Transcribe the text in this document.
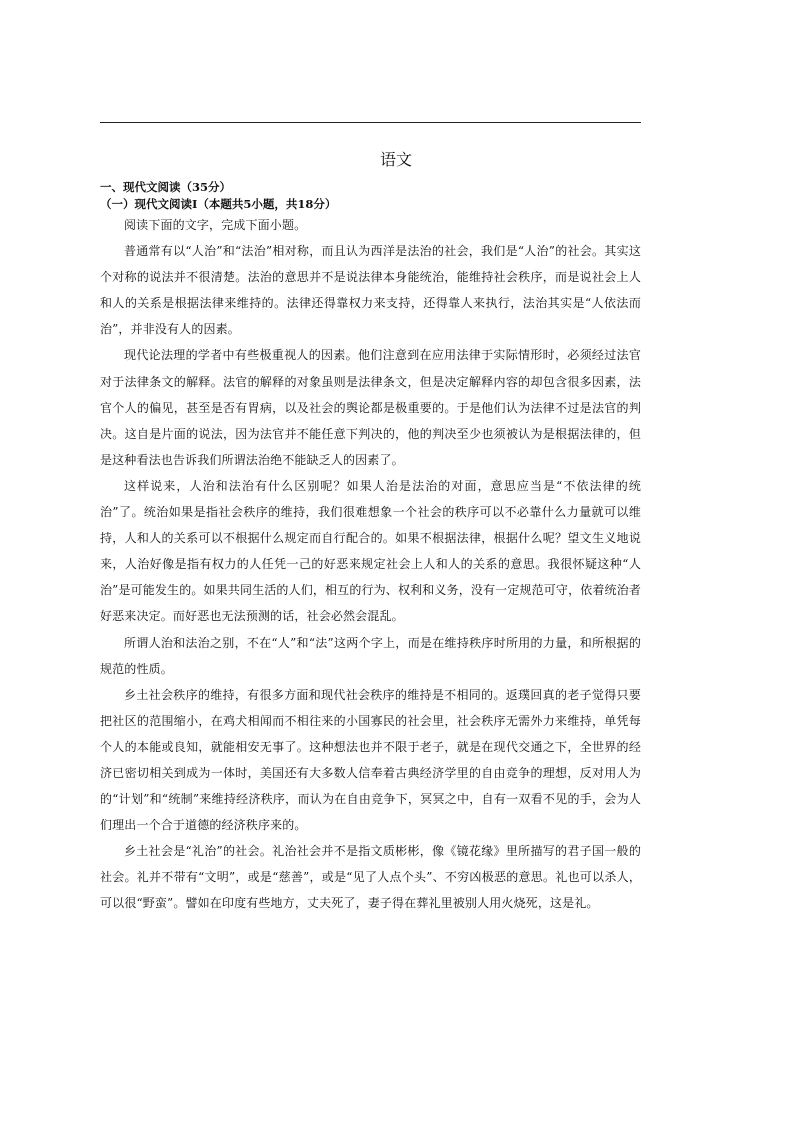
语文
一、现代文阅读（35分）
（一）现代文阅读Ⅰ（本题共5小题，共18分）

阅读下面的文字，完成下面小题。

普通常有以“人治”和“法治”相对称，而且认为西洋是法治的社会，我们是“人治”的社会。其实这个对称的说法并不很清楚。法治的意思并不是说法律本身能统治，能维持社会秩序，而是说社会上人和人的关系是根据法律来维持的。法律还得靠权力来支持，还得靠人来执行，法治其实是“人依法而治”，并非没有人的因素。

现代论法理的学者中有些极重视人的因素。他们注意到在应用法律于实际情形时，必须经过法官对于法律条文的解释。法官的解释的对象虽则是法律条文，但是决定解释内容的却包含很多因素，法官个人的偏见，甚至是否有胃病，以及社会的舆论都是极重要的。于是他们认为法律不过是法官的判决。这自是片面的说法，因为法官并不能任意下判决的，他的判决至少也须被认为是根据法律的，但是这种看法也告诉我们所谓法治绝不能缺乏人的因素了。

这样说来，人治和法治有什么区别呢？如果人治是法治的对面，意思应当是“不依法律的统治”了。统治如果是指社会秩序的维持，我们很难想象一个社会的秩序可以不必靠什么力量就可以维持，人和人的关系可以不根据什么规定而自行配合的。如果不根据法律，根据什么呢？望文生义地说来，人治好像是指有权力的人任凭一己的好恶来规定社会上人和人的关系的意思。我很怀疑这种“人治”是可能发生的。如果共同生活的人们，相互的行为、权利和义务，没有一定规范可守，依着统治者好恶来决定。而好恶也无法预测的话，社会必然会混乱。

所谓人治和法治之别，不在“人”和“法”这两个字上，而是在维持秩序时所用的力量，和所根据的规范的性质。

乡土社会秩序的维持，有很多方面和现代社会秩序的维持是不相同的。返璞回真的老子觉得只要把社区的范围缩小，在鸡犬相闻而不相往来的小国寡民的社会里，社会秩序无需外力来维持，单凭每个人的本能或良知，就能相安无事了。这种想法也并不限于老子，就是在现代交通之下，全世界的经济已密切相关到成为一体时，美国还有大多数人信奉着古典经济学里的自由竞争的理想，反对用人为的“计划”和“统制”来维持经济秩序，而认为在自由竞争下，冥冥之中，自有一双看不见的手，会为人们理出一个合于道德的经济秩序来的。

乡土社会是“礼治”的社会。礼治社会并不是指文质彬彬，像《镜花缘》里所描写的君子国一般的社会。礼并不带有“文明”，或是“慈善”，或是“见了人点个头”、不穷凶极恶的意思。礼也可以杀人，可以很“野蛮”。譬如在印度有些地方，丈夫死了，妻子得在葬礼里被别人用火烧死，这是礼。
